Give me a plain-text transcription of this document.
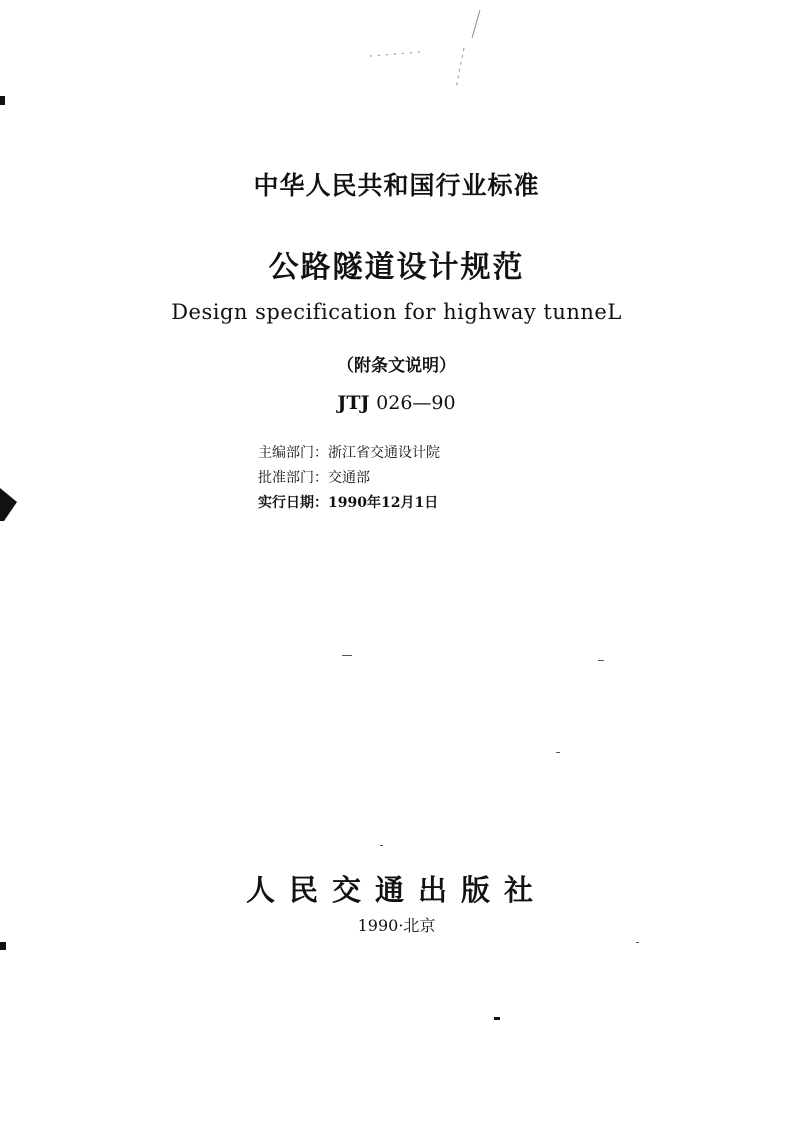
中华人民共和国行业标准
公路隧道设计规范
Design specification for highway tunneL
（附条文说明）
JTJ 026—90
主编部门：浙江省交通设计院
批准部门：交通部
实行日期：1990年12月1日
人民交通出版社
1990·北京
